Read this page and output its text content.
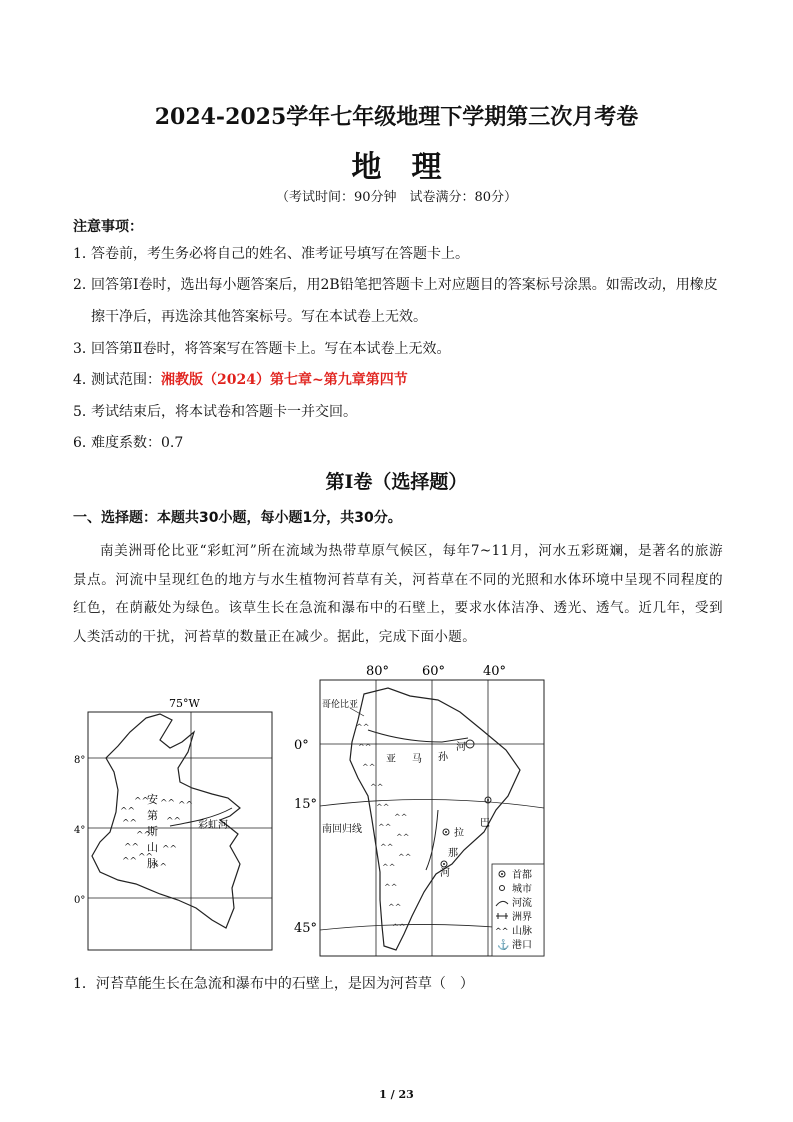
2024-2025学年七年级地理下学期第三次月考卷
地理
（考试时间：90分钟　试卷满分：80分）
注意事项：
1．答卷前，考生务必将自己的姓名、准考证号填写在答题卡上。
2．回答第Ⅰ卷时，选出每小题答案后，用2B铅笔把答题卡上对应题目的答案标号涂黑。如需改动，用橡皮
擦干净后，再选涂其他答案标号。写在本试卷上无效。
3．回答第Ⅱ卷时，将答案写在答题卡上。写在本试卷上无效。
4．测试范围：湘教版（2024）第七章~第九章第四节
5．考试结束后，将本试卷和答题卡一并交回。
6．难度系数：0.7
第Ⅰ卷（选择题）
一、选择题：本题共30小题，每小题1分，共30分。
南美洲哥伦比亚“彩虹河”所在流域为热带草原气候区，每年7~11月，河水五彩斑斓，是著名的旅游景点。河流中呈现红色的地方与水生植物河苔草有关，河苔草在不同的光照和水体环境中呈现不同程度的红色，在荫蔽处为绿色。该草生长在急流和瀑布中的石壁上，要求水体洁净、透光、透气。近几年，受到人类活动的干扰，河苔草的数量正在减少。据此，完成下面小题。
75°W
8°
4°
0°
^^
^^
^^
^^
^^
^^
^^
^^
^^
^^ ^^
^^
安
第
斯
山
脉
彩虹河
80°	60°	40°
0°
15°
45°
^^
^^
^^
^^
^^
^^
^^
^^
^^
^^
^^
^^
^^
^^
哥伦比亚
亚 马 孙
河
南回归线	拉
那
河
巴
首都
城市
河流
洲界
^^ 山脉
⚓ 港口
1．河苔草能生长在急流和瀑布中的石壁上，是因为河苔草（　）
1 / 23
